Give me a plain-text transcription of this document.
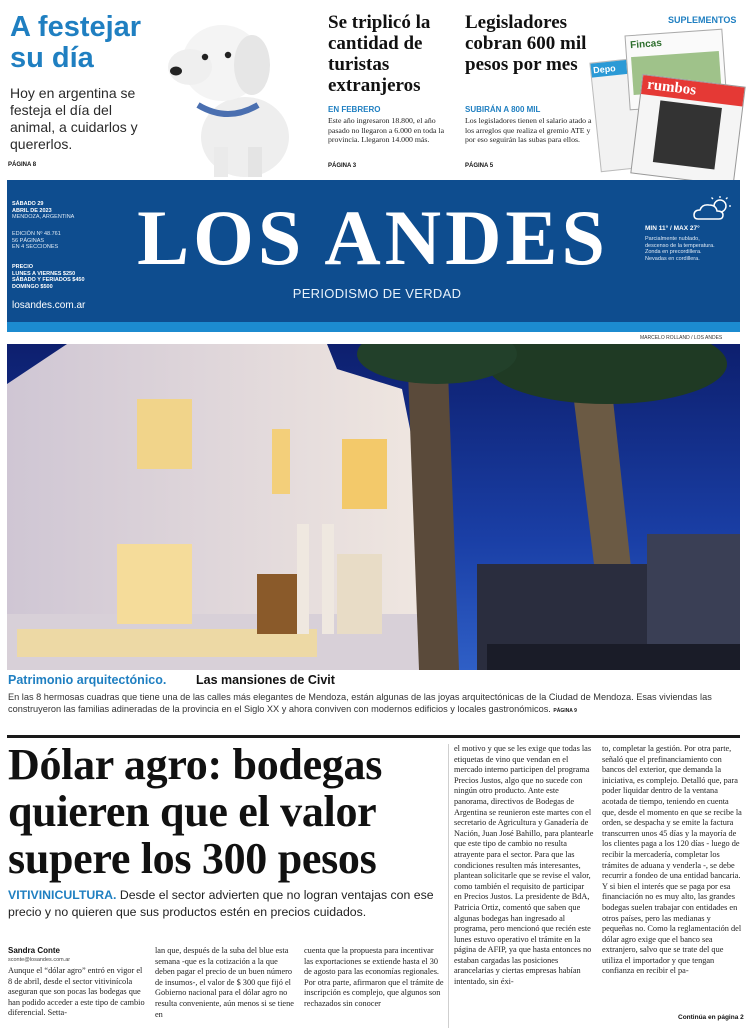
A festejar su día
Hoy en argentina se festeja el día del animal, a cuidarlos y quererlos.
PÁGINA 8
Se triplicó la cantidad de turistas extranjeros
EN FEBRERO
Este año ingresaron 18.800, el año pasado no llegaron a 6.000 en toda la provincia. Llegaron 14.000 más.
PÁGINA 3
Legisladores cobran 600 mil pesos por mes
SUBIRÁN A 800 MIL
Los legisladores tienen el salario atado a los arreglos que realiza el gremio ATE y por eso seguirán las subas para ellos.
PÁGINA 5
SUPLEMENTOS
Depo
Fincas
rumbos
SÁBADO 29
ABRIL DE 2023
MENDOZA, ARGENTINA
EDICIÓN Nº 48.761
56 PÁGINAS
EN 4 SECCIONES
PRECIO
LUNES A VIERNES $250
SÁBADO Y FERIADOS $450
DOMINGO $500
losandes.com.ar
LOS ANDES
PERIODISMO DE VERDAD
MIN 11° / MAX 27°
Parcialmente nublado,
descenso de la temperatura.
Zonda en precordillera.
Nevadas en cordillera.
MARCELO ROLLAND / LOS ANDES
Patrimonio arquitectónico. Las mansiones de Civit
En las 8 hermosas cuadras que tiene una de las calles más elegantes de Mendoza, están algunas de las joyas arquitectónicas de la Ciudad de Mendoza. Esas viviendas las construyeron las familias adineradas de la provincia en el Siglo XX y ahora conviven con modernos edificios y locales gastronómicos. PÁGINA 9
Dólar agro: bodegas quieren que el valor supere los 300 pesos
VITIVINICULTURA. Desde el sector advierten que no logran ventajas con ese precio y no quieren que sus productos estén en precios cuidados.
Sandra Conte
sconte@losandes.com.ar
Aunque el “dólar agro” entró en vigor el 8 de abril, desde el sector vitivinícola aseguran que son pocas las bodegas que han podido acceder a este tipo de cambio diferencial. Setta-
lan que, después de la suba del blue esta semana -que es la cotización a la que deben pagar el precio de un buen número de insumos-, el valor de $ 300 que fijó el Gobierno nacional para el dólar agro no resulta conveniente, aún menos si se tiene en
cuenta que la propuesta para incentivar las exportaciones se extiende hasta el 30 de agosto para las economías regionales. Por otra parte, afirmaron que el trámite de inscripción es complejo, que algunos son rechazados sin conocer
el motivo y que se les exige que todas las etiquetas de vino que vendan en el mercado interno participen del programa Precios Justos, algo que no sucede con ningún otro producto. Ante este panorama, directivos de Bodegas de Argentina se reunieron este martes con el secretario de Agricultura y Ganadería de Nación, Juan José Bahillo, para plantearle que este tipo de cambio no resulta atrayente para el sector. Para que las condiciones resulten más interesantes, plantean solicitarle que se revise el valor, como también el requisito de participar en Precios Justos. La presidente de BdA, Patricia Ortiz, comentó que saben que algunas bodegas han ingresado al programa, pero mencionó que recién este lunes estuvo operativo el trámite en la página de AFIP, ya que hasta entonces no estaban cargadas las posiciones arancelarias y ciertas empresas habían intentado, sin éxi-
to, completar la gestión. Por otra parte, señaló que el prefinanciamiento con bancos del exterior, que demanda la iniciativa, es complejo. Detalló que, para poder liquidar dentro de la ventana acotada de tiempo, teniendo en cuenta que, desde el momento en que se recibe la orden, se despacha y se emite la factura transcurren unos 45 días y la mayoría de los clientes paga a los 120 días - luego de recibir la mercadería, completar los trámites de aduana y venderla -, se debe recurrir a fondeo de una entidad bancaria. Y si bien el interés que se paga por esa financiación no es muy alto, las grandes bodegas suelen trabajar con entidades en otros países, pero las medianas y pequeñas no. Como la reglamentación del dólar agro exige que el banco sea extranjero, salvo que se trate del que utiliza el importador y que tengan confianza en recibir el pa-
Continúa en página 2
